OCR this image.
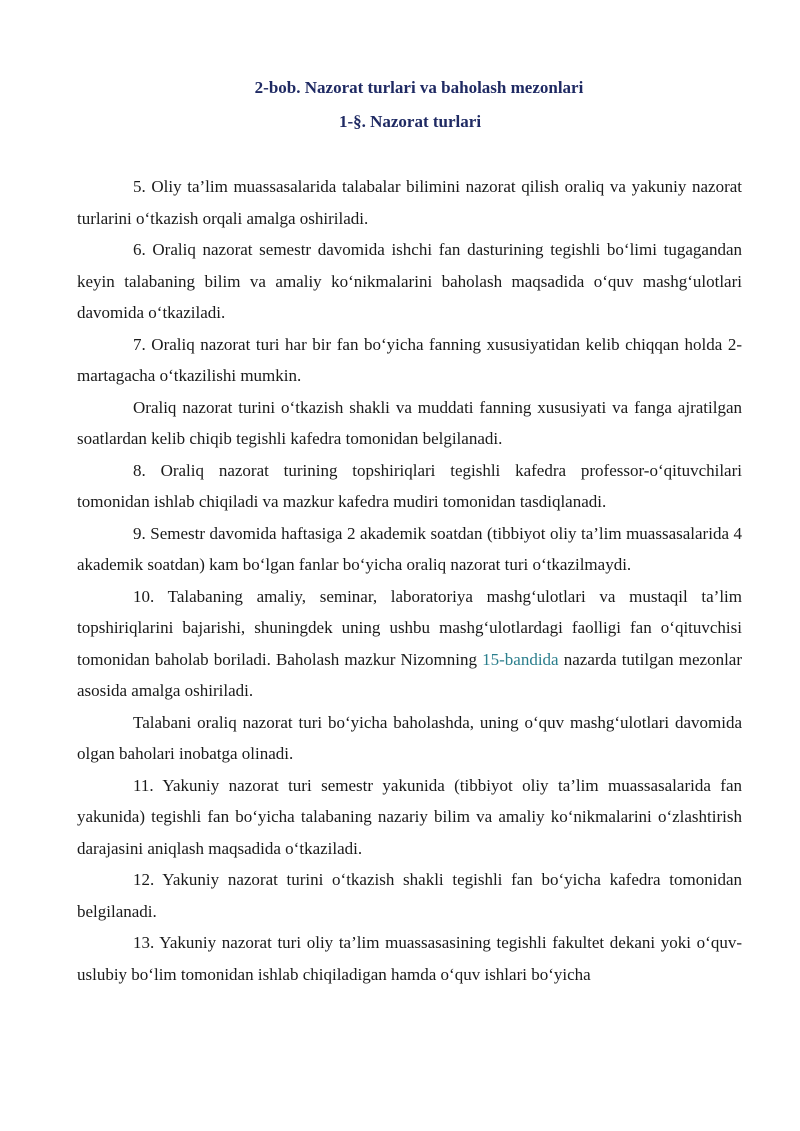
2-bob. Nazorat turlari va baholash mezonlari
1-§. Nazorat turlari

5. Oliy ta’lim muassasalarida talabalar bilimini nazorat qilish oraliq va yakuniy nazorat turlarini o‘tkazish orqali amalga oshiriladi.

6. Oraliq nazorat semestr davomida ishchi fan dasturining tegishli bo‘limi tugagandan keyin talabaning bilim va amaliy ko‘nikmalarini baholash maqsadida o‘quv mashg‘ulotlari davomida o‘tkaziladi.

7. Oraliq nazorat turi har bir fan bo‘yicha fanning xususiyatidan kelib chiqqan holda 2-martagacha o‘tkazilishi mumkin.

Oraliq nazorat turini o‘tkazish shakli va muddati fanning xususiyati va fanga ajratilgan soatlardan kelib chiqib tegishli kafedra tomonidan belgilanadi.

8. Oraliq nazorat turining topshiriqlari tegishli kafedra professor-o‘qituvchilari tomonidan ishlab chiqiladi va mazkur kafedra mudiri tomonidan tasdiqlanadi.

9. Semestr davomida haftasiga 2 akademik soatdan (tibbiyot oliy ta’lim muassasalarida 4 akademik soatdan) kam bo‘lgan fanlar bo‘yicha oraliq nazorat turi o‘tkazilmaydi.

10. Talabaning amaliy, seminar, laboratoriya mashg‘ulotlari va mustaqil ta’lim topshiriqlarini bajarishi, shuningdek uning ushbu mashg‘ulotlardagi faolligi fan o‘qituvchisi tomonidan baholab boriladi. Baholash mazkur Nizomning 15-bandida nazarda tutilgan mezonlar asosida amalga oshiriladi.

Talabani oraliq nazorat turi bo‘yicha baholashda, uning o‘quv mashg‘ulotlari davomida olgan baholari inobatga olinadi.

11. Yakuniy nazorat turi semestr yakunida (tibbiyot oliy ta’lim muassasalarida fan yakunida) tegishli fan bo‘yicha talabaning nazariy bilim va amaliy ko‘nikmalarini o‘zlashtirish darajasini aniqlash maqsadida o‘tkaziladi.

12. Yakuniy nazorat turini o‘tkazish shakli tegishli fan bo‘yicha kafedra tomonidan belgilanadi.

13. Yakuniy nazorat turi oliy ta’lim muassasasining tegishli fakultet dekani yoki o‘quv-uslubiy bo‘lim tomonidan ishlab chiqiladigan hamda o‘quv ishlari bo‘yicha
